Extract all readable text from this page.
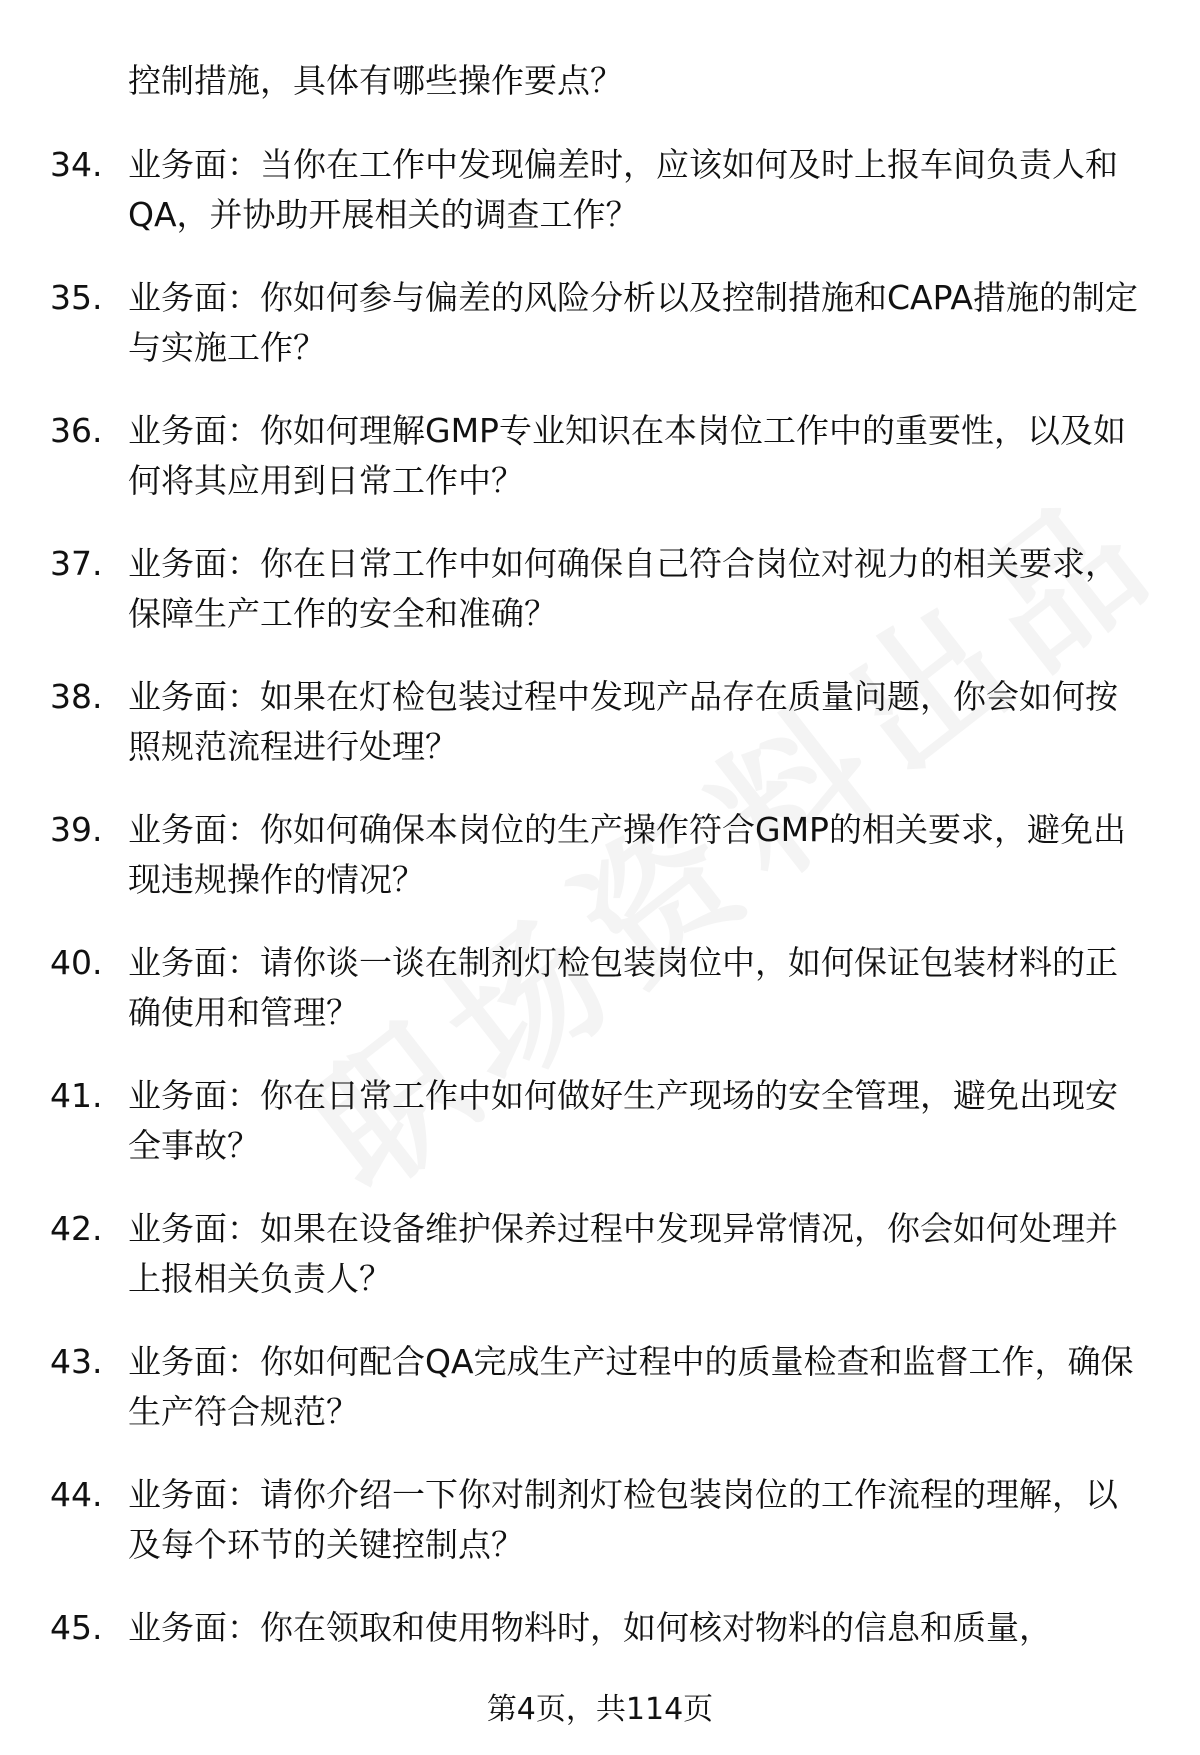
控制措施，具体有哪些操作要点？

34. 业务面：当你在工作中发现偏差时，应该如何及时上报车间负责人和QA，并协助开展相关的调查工作？

35. 业务面：你如何参与偏差的风险分析以及控制措施和CAPA措施的制定与实施工作？

36. 业务面：你如何理解GMP专业知识在本岗位工作中的重要性，以及如何将其应用到日常工作中？

37. 业务面：你在日常工作中如何确保自己符合岗位对视力的相关要求，保障生产工作的安全和准确？

38. 业务面：如果在灯检包装过程中发现产品存在质量问题，你会如何按照规范流程进行处理？

39. 业务面：你如何确保本岗位的生产操作符合GMP的相关要求，避免出现违规操作的情况？

40. 业务面：请你谈一谈在制剂灯检包装岗位中，如何保证包装材料的正确使用和管理？

41. 业务面：你在日常工作中如何做好生产现场的安全管理，避免出现安全事故？

42. 业务面：如果在设备维护保养过程中发现异常情况，你会如何处理并上报相关负责人？

43. 业务面：你如何配合QA完成生产过程中的质量检查和监督工作，确保生产符合规范？

44. 业务面：请你介绍一下你对制剂灯检包装岗位的工作流程的理解，以及每个环节的关键控制点？

45. 业务面：你在领取和使用物料时，如何核对物料的信息和质量，

第4页，共114页
